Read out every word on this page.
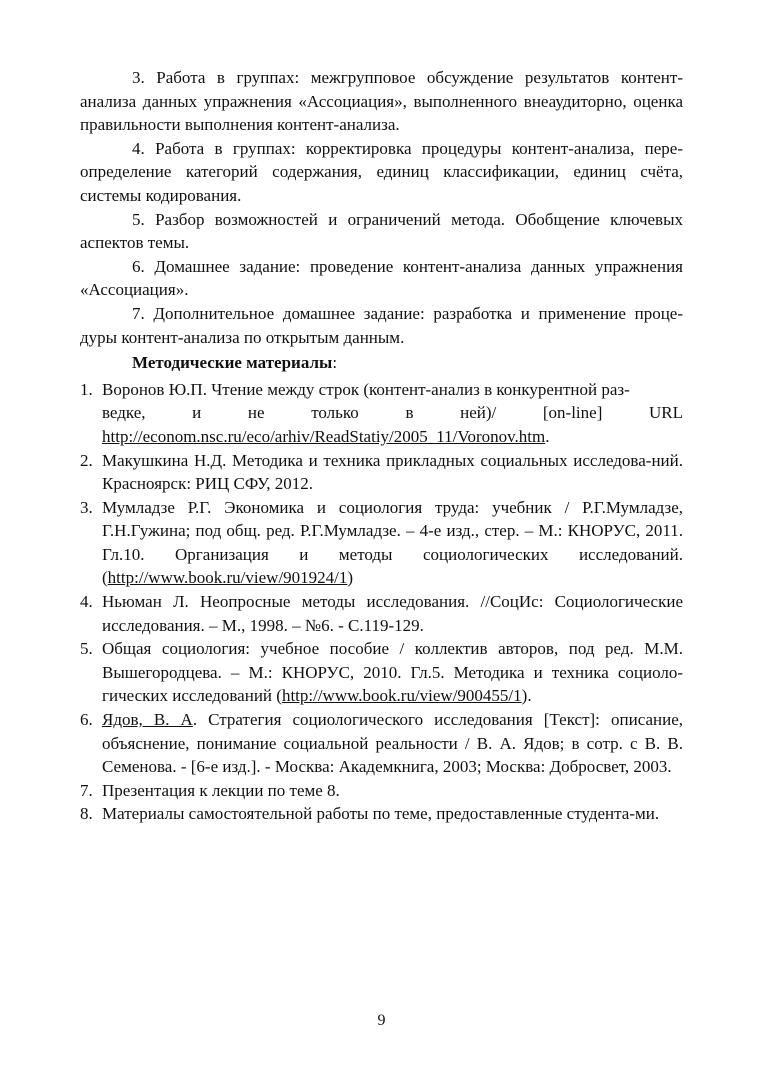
3. Работа в группах: межгрупповое обсуждение результатов контент-анализа данных упражнения «Ассоциация», выполненного внеаудиторно, оценка правильности выполнения контент-анализа.

4. Работа в группах: корректировка процедуры контент-анализа, пере-определение категорий содержания, единиц классификации, единиц счёта, системы кодирования.

5. Разбор возможностей и ограничений метода. Обобщение ключевых аспектов темы.

6. Домашнее задание: проведение контент-анализа данных упражнения «Ассоциация».

7. Дополнительное домашнее задание: разработка и применение проце-дуры контент-анализа по открытым данным.

Методические материалы:

1. Воронов Ю.П. Чтение между строк (контент-анализ в конкурентной раз-
ведке, и не только в ней)/ [on-line] URL
http://econom.nsc.ru/eco/arhiv/ReadStatiy/2005_11/Voronov.htm.
2. Макушкина Н.Д. Методика и техника прикладных социальных исследова-ний. Красноярск: РИЦ СФУ, 2012.
3. Мумладзе Р.Г. Экономика и социология труда: учебник / Р.Г.Мумладзе, Г.Н.Гужина; под общ. ред. Р.Г.Мумладзе. – 4-е изд., стер. – М.: КНОРУС, 2011. Гл.10. Организация и методы социологических исследований. (http://www.book.ru/view/901924/1)
4. Ньюман Л. Неопросные методы исследования. //СоцИс: Социологические исследования. – М., 1998. – №6. - С.119-129.
5. Общая социология: учебное пособие / коллектив авторов, под ред. М.М. Вышегородцева. – М.: КНОРУС, 2010. Гл.5. Методика и техника социоло-гических исследований (http://www.book.ru/view/900455/1).
6. Ядов, В. А. Стратегия социологического исследования [Текст]: описание, объяснение, понимание социальной реальности / В. А. Ядов; в сотр. с В. В. Семенова. - [6-е изд.]. - Москва: Академкнига, 2003; Москва: Добросвет, 2003.
7. Презентация к лекции по теме 8.
8. Материалы самостоятельной работы по теме, предоставленные студента-ми.
9
